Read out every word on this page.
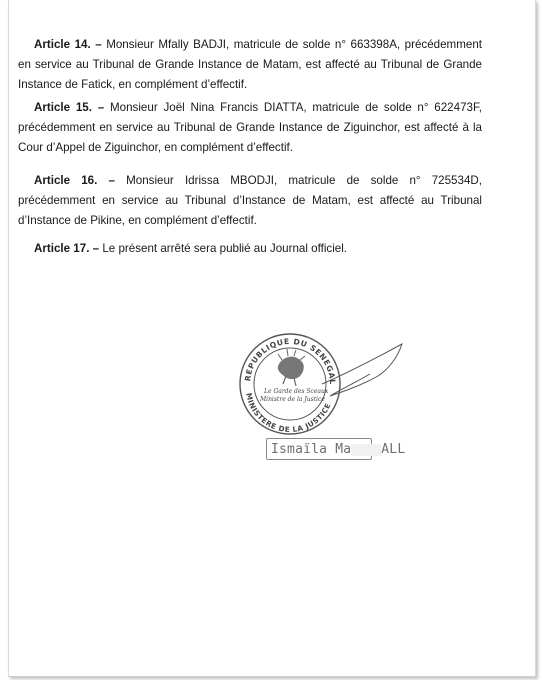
Article 14. – Monsieur Mfally BADJI, matricule de solde n° 663398A, précédemment en service au Tribunal de Grande Instance de Matam, est affecté au Tribunal de Grande Instance de Fatick, en complément d’effectif.

Article 15. – Monsieur Joël Nina Francis DIATTA, matricule de solde n° 622473F, précédemment en service au Tribunal de Grande Instance de Ziguinchor, est affecté à la Cour d’Appel de Ziguinchor, en complément d’effectif.

Article 16. – Monsieur Idrissa MBODJI, matricule de solde n° 725534D, précédemment en service au Tribunal d’Instance de Matam, est affecté au Tribunal d’Instance de Pikine, en complément d’effectif.

Article 17. – Le présent arrêté sera publié au Journal officiel.

REPUBLIQUE DU SENEGAL
MINISTERE DE LA JUSTICE
Le Garde des Sceaux
Ministre de la Justice
Ismaïla Ma ALL
